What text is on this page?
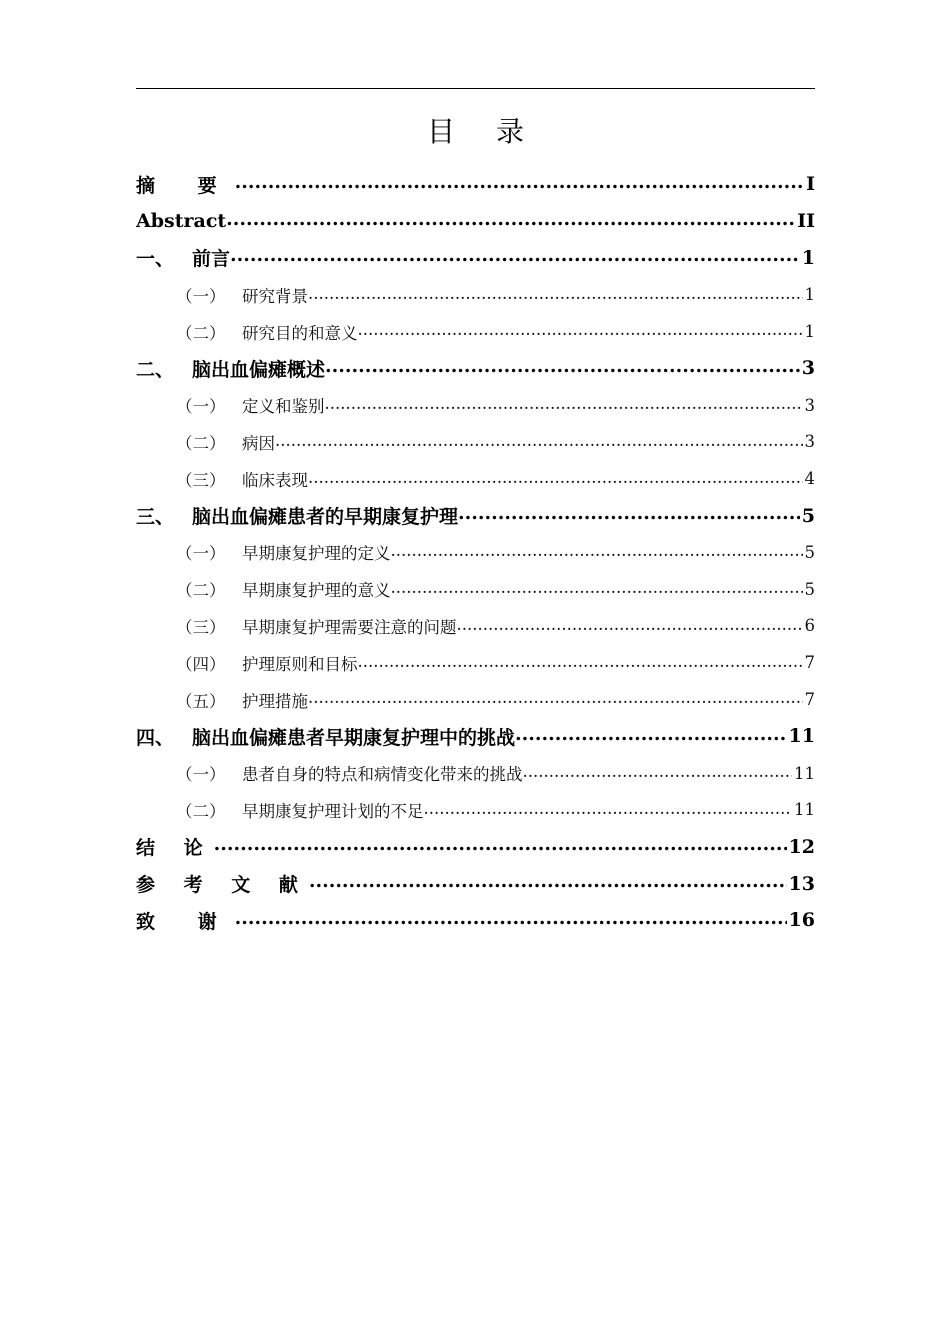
目 录
摘 要 .....	I
Abstract .....	II
一、 前言 .....	1
（一）	研究背景 .....	1
（二）	研究目的和意义 .....	1
二、 脑出血偏瘫概述 .....	3
（一）	定义和鉴别 .....	3
（二）	病因 .....	3
（三）	临床表现 .....	4
三、 脑出血偏瘫患者的早期康复护理 .....	5
（一）	早期康复护理的定义 .....	5
（二）	早期康复护理的意义 .....	5
（三）	早期康复护理需要注意的问题 .....	6
（四）	护理原则和目标 .....	7
（五）	护理措施 .....	7
四、 脑出血偏瘫患者早期康复护理中的挑战 .....	11
（一）	患者自身的特点和病情变化带来的挑战 .....	11
（二）	早期康复护理计划的不足 .....	11
结 论 .....	12
参 考 文 献 .....	13
致 谢 .....	16
